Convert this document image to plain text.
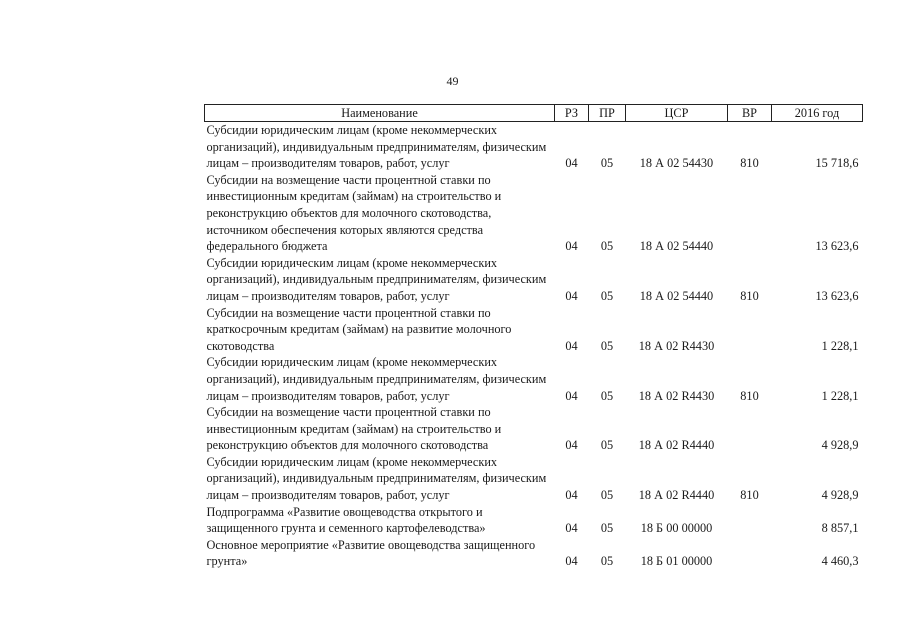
49
Наименование	РЗ	ПР	ЦСР	ВР	2016 год
Субсидии юридическим лицам (кроме некоммерческих организаций), индивидуальным предпринимателям, физическим лицам – производителям товаров, работ, услуг	04	05	18 А 02 54430	810	15 718,6
Субсидии на возмещение части процентной ставки по инвестиционным кредитам (займам) на строительство и реконструкцию объектов для молочного скотоводства, источником обеспечения которых являются средства федерального бюджета	04	05	18 А 02 54440		13 623,6
Субсидии юридическим лицам (кроме некоммерческих организаций), индивидуальным предпринимателям, физическим лицам – производителям товаров, работ, услуг	04	05	18 А 02 54440	810	13 623,6
Субсидии на возмещение части процентной ставки по краткосрочным кредитам (займам) на развитие молочного скотоводства	04	05	18 А 02 R4430		1 228,1
Субсидии юридическим лицам (кроме некоммерческих организаций), индивидуальным предпринимателям, физическим лицам – производителям товаров, работ, услуг	04	05	18 А 02 R4430	810	1 228,1
Субсидии на возмещение части процентной ставки по инвестиционным кредитам (займам) на строительство и реконструкцию объектов для молочного скотоводства	04	05	18 А 02 R4440		4 928,9
Субсидии юридическим лицам (кроме некоммерческих организаций), индивидуальным предпринимателям, физическим лицам – производителям товаров, работ, услуг	04	05	18 А 02 R4440	810	4 928,9
Подпрограмма «Развитие овощеводства открытого и защищенного грунта и семенного картофелеводства»	04	05	18 Б 00 00000		8 857,1
Основное мероприятие «Развитие овощеводства защищенного грунта»	04	05	18 Б 01 00000		4 460,3
